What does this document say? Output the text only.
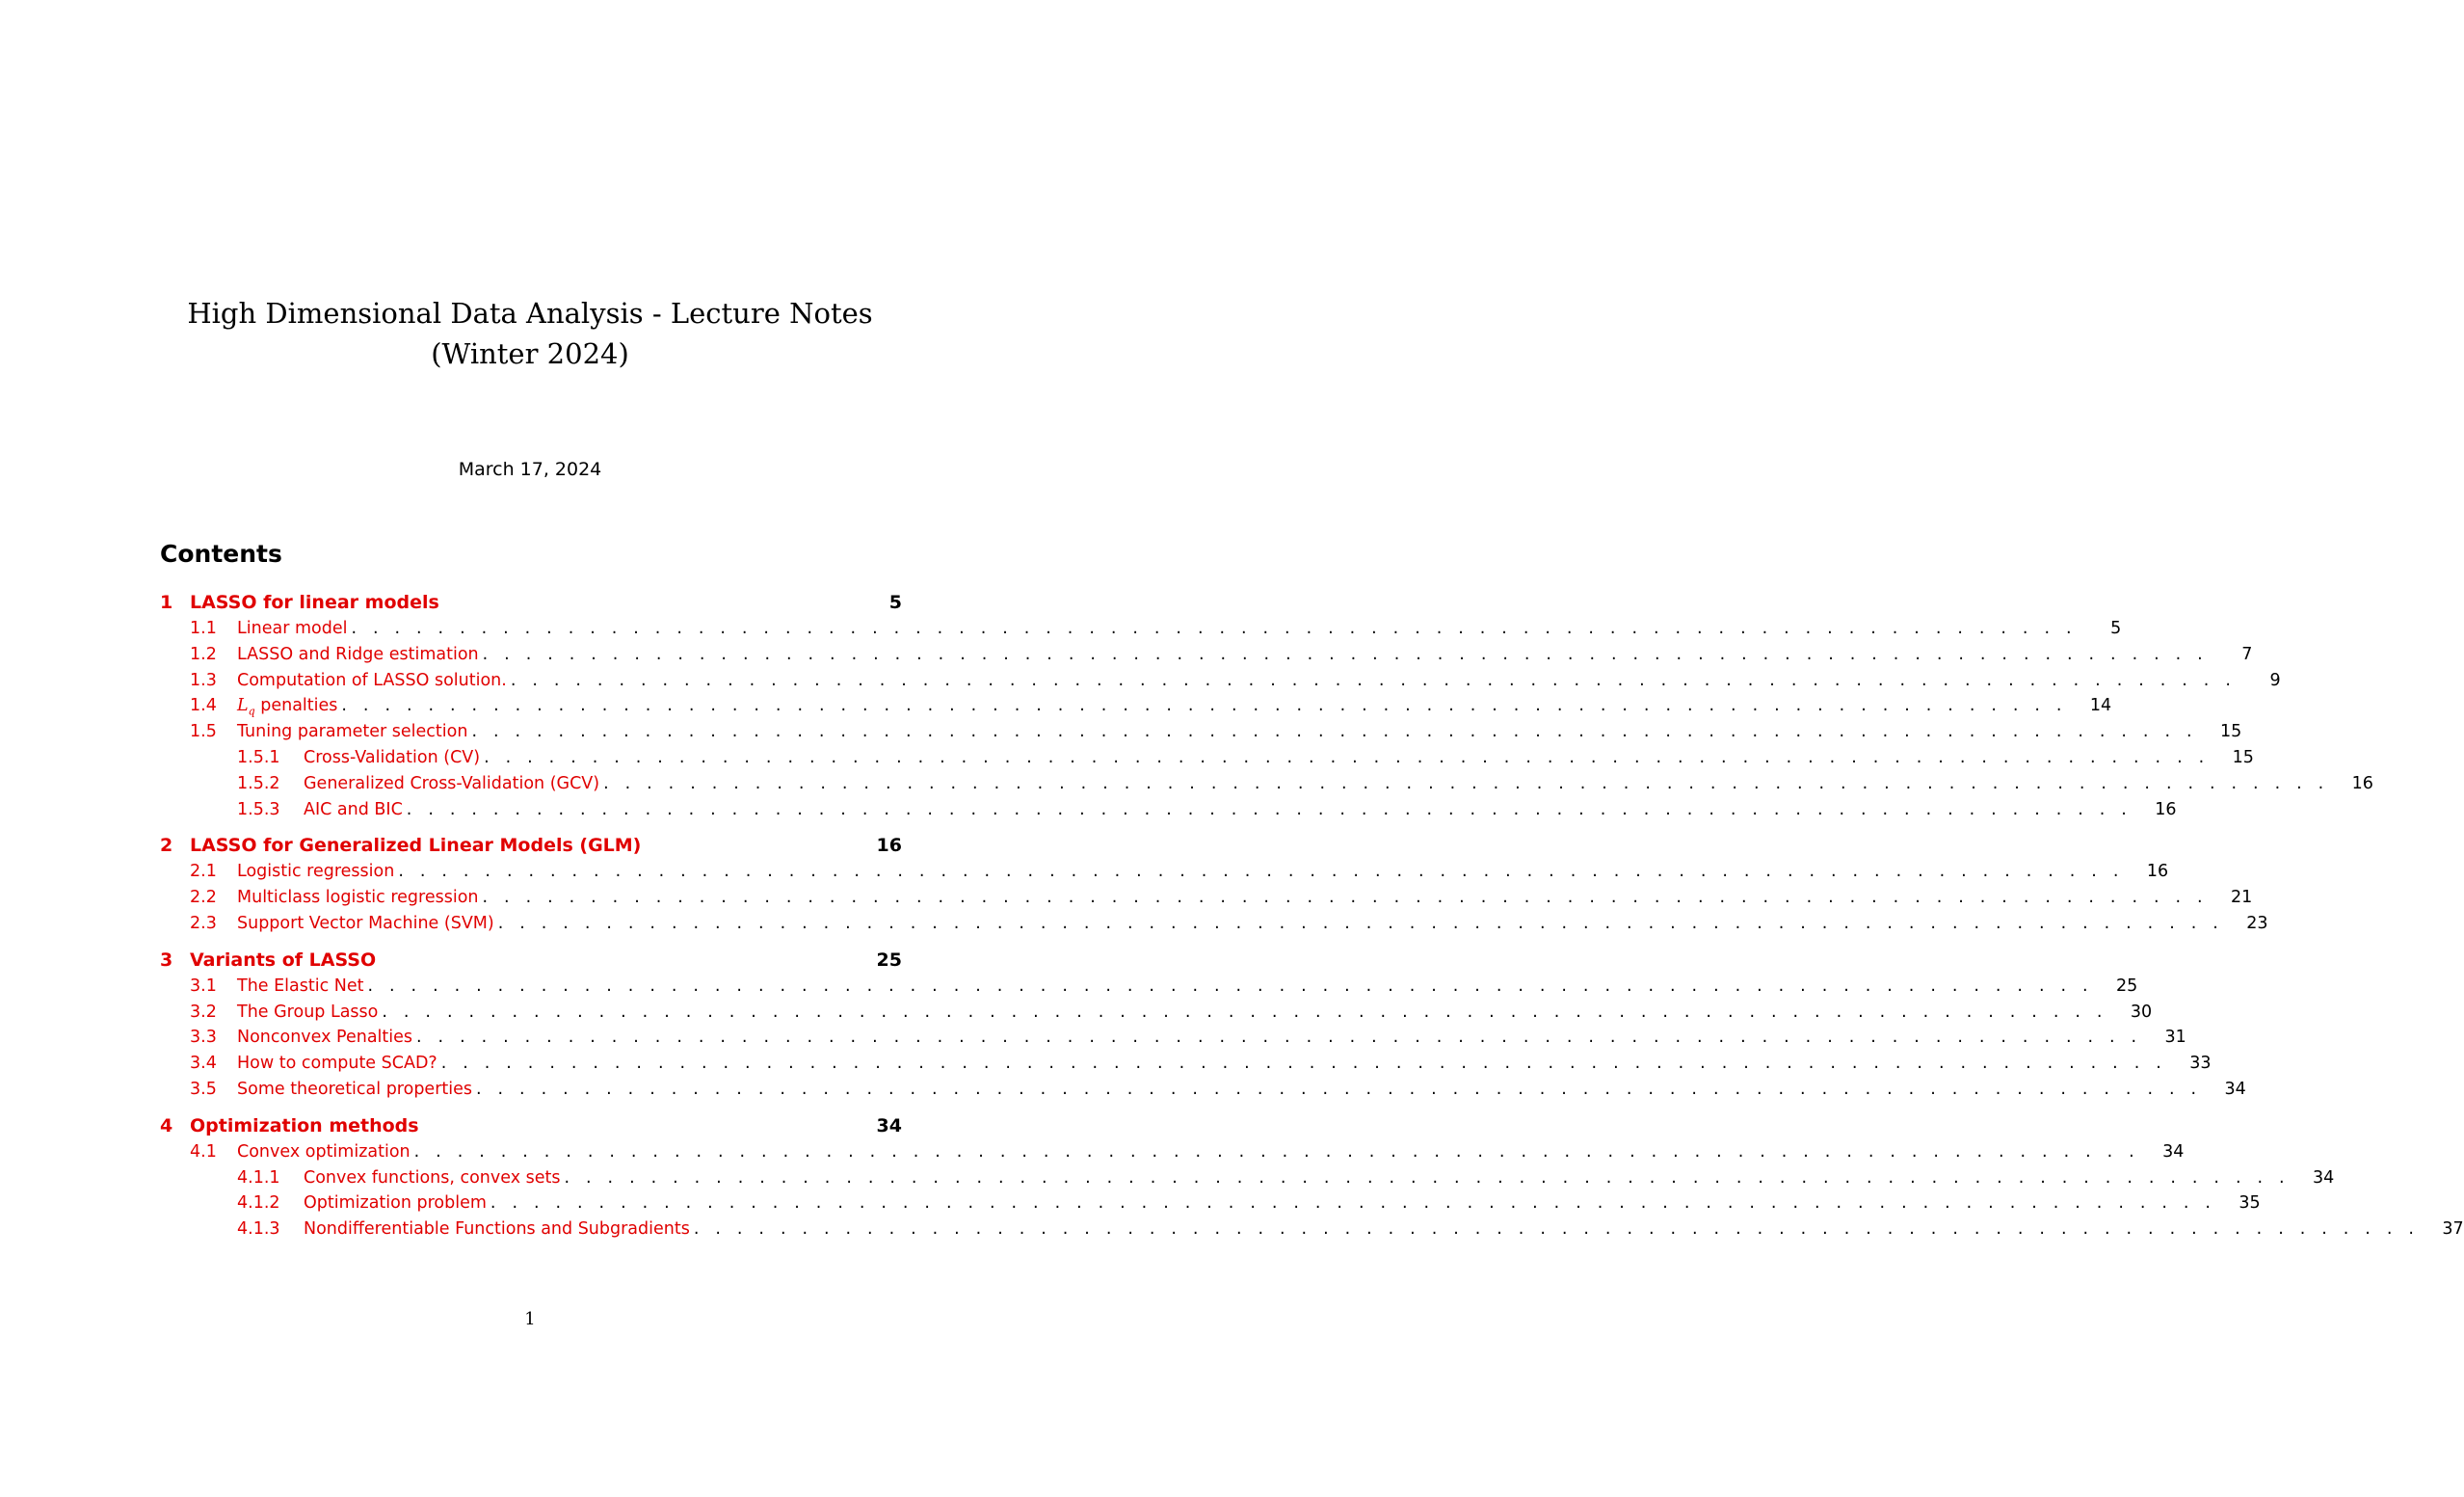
High Dimensional Data Analysis - Lecture Notes
(Winter 2024)
March 17, 2024
Contents
1 LASSO for linear models	5
1.1	Linear model . . . . . . . . . . . . . . . . . . . . . . . . . . . . . . . . . . . . . . . . . . . . . . . . . . . . . . . . . . . . . . . . . . . . . . . . . . . . . . . .	5
1.2	LASSO and Ridge estimation . . . . . . . . . . . . . . . . . . . . . . . . . . . . . . . . . . . . . . . . . . . . . . . . . . . . . . . . . . . . . . . . . . . . . . . . . . . . . . . .	7
1.3	Computation of LASSO solution. . . . . . . . . . . . . . . . . . . . . . . . . . . . . . . . . . . . . . . . . . . . . . . . . . . . . . . . . . . . . . . . . . . . . . . . . . . . . . . . .	9
1.4	$L_q$ penalties . . . . . . . . . . . . . . . . . . . . . . . . . . . . . . . . . . . . . . . . . . . . . . . . . . . . . . . . . . . . . . . . . . . . . . . . . . . . . . . .	14
1.5	Tuning parameter selection . . . . . . . . . . . . . . . . . . . . . . . . . . . . . . . . . . . . . . . . . . . . . . . . . . . . . . . . . . . . . . . . . . . . . . . . . . . . . . . .	15
1.5.1	Cross-Validation (CV) . . . . . . . . . . . . . . . . . . . . . . . . . . . . . . . . . . . . . . . . . . . . . . . . . . . . . . . . . . . . . . . . . . . . . . . . . . . . . . . .	15
1.5.2	Generalized Cross-Validation (GCV) . . . . . . . . . . . . . . . . . . . . . . . . . . . . . . . . . . . . . . . . . . . . . . . . . . . . . . . . . . . . . . . . . . . . . . . . . . . . . . . .	16
1.5.3	AIC and BIC . . . . . . . . . . . . . . . . . . . . . . . . . . . . . . . . . . . . . . . . . . . . . . . . . . . . . . . . . . . . . . . . . . . . . . . . . . . . . . . .	16
2 LASSO for Generalized Linear Models (GLM)	16
2.1	Logistic regression . . . . . . . . . . . . . . . . . . . . . . . . . . . . . . . . . . . . . . . . . . . . . . . . . . . . . . . . . . . . . . . . . . . . . . . . . . . . . . . .	16
2.2	Multiclass logistic regression . . . . . . . . . . . . . . . . . . . . . . . . . . . . . . . . . . . . . . . . . . . . . . . . . . . . . . . . . . . . . . . . . . . . . . . . . . . . . . . .	21
2.3	Support Vector Machine (SVM) . . . . . . . . . . . . . . . . . . . . . . . . . . . . . . . . . . . . . . . . . . . . . . . . . . . . . . . . . . . . . . . . . . . . . . . . . . . . . . . .	23
3 Variants of LASSO	25
3.1	The Elastic Net . . . . . . . . . . . . . . . . . . . . . . . . . . . . . . . . . . . . . . . . . . . . . . . . . . . . . . . . . . . . . . . . . . . . . . . . . . . . . . . .	25
3.2	The Group Lasso . . . . . . . . . . . . . . . . . . . . . . . . . . . . . . . . . . . . . . . . . . . . . . . . . . . . . . . . . . . . . . . . . . . . . . . . . . . . . . . .	30
3.3	Nonconvex Penalties . . . . . . . . . . . . . . . . . . . . . . . . . . . . . . . . . . . . . . . . . . . . . . . . . . . . . . . . . . . . . . . . . . . . . . . . . . . . . . . .	31
3.4	How to compute SCAD? . . . . . . . . . . . . . . . . . . . . . . . . . . . . . . . . . . . . . . . . . . . . . . . . . . . . . . . . . . . . . . . . . . . . . . . . . . . . . . . .	33
3.5	Some theoretical properties . . . . . . . . . . . . . . . . . . . . . . . . . . . . . . . . . . . . . . . . . . . . . . . . . . . . . . . . . . . . . . . . . . . . . . . . . . . . . . . .	34
4 Optimization methods	34
4.1	Convex optimization . . . . . . . . . . . . . . . . . . . . . . . . . . . . . . . . . . . . . . . . . . . . . . . . . . . . . . . . . . . . . . . . . . . . . . . . . . . . . . . .	34
4.1.1	Convex functions, convex sets . . . . . . . . . . . . . . . . . . . . . . . . . . . . . . . . . . . . . . . . . . . . . . . . . . . . . . . . . . . . . . . . . . . . . . . . . . . . . . . .	34
4.1.2	Optimization problem . . . . . . . . . . . . . . . . . . . . . . . . . . . . . . . . . . . . . . . . . . . . . . . . . . . . . . . . . . . . . . . . . . . . . . . . . . . . . . . .	35
4.1.3	Nondifferentiable Functions and Subgradients . . . . . . . . . . . . . . . . . . . . . . . . . . . . . . . . . . . . . . . . . . . . . . . . . . . . . . . . . . . . . . . . . . . . . . . . . . . . . . . .	37
1
